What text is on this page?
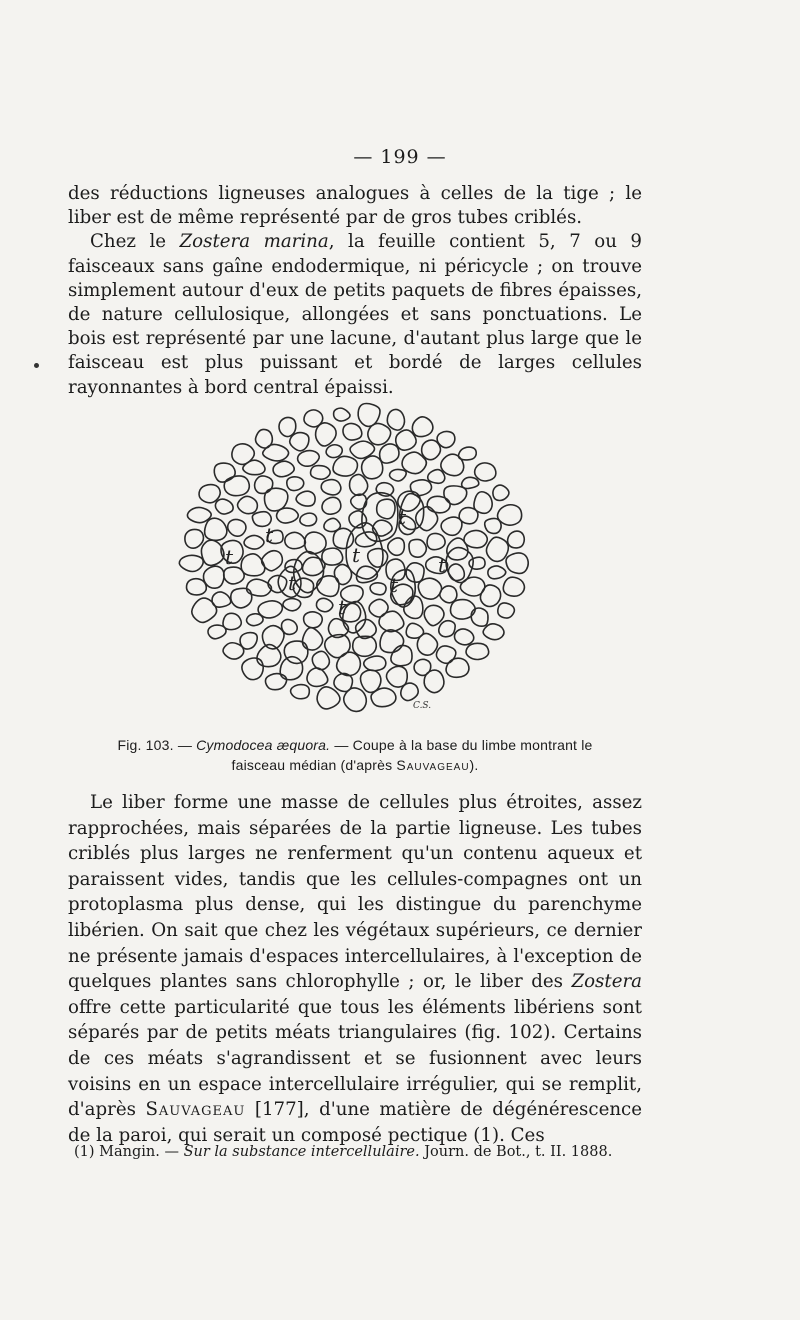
— 199 —

des réductions ligneuses analogues à celles de la tige ; le liber est de même représenté par de gros tubes criblés.

Chez le Zostera marina, la feuille contient 5, 7 ou 9 faisceaux sans gaîne endodermique, ni péricycle ; on trouve simplement autour d'eux de petits paquets de fibres épaisses, de nature cellulosique, allongées et sans ponctuations. Le bois est représenté par une lacune, d'autant plus large que le faisceau est plus puissant et bordé de larges cellules rayonnantes à bord central épaissi.

t
t
t
t
t
t
t
t
C.S.
Fig. 103. — Cymodocea æquora. — Coupe à la base du limbe montrant le
faisceau médian (d'après Sauvageau).

Le liber forme une masse de cellules plus étroites, assez rapprochées, mais séparées de la partie ligneuse. Les tubes criblés plus larges ne renferment qu'un contenu aqueux et paraissent vides, tandis que les cellules-compagnes ont un protoplasma plus dense, qui les distingue du parenchyme libérien. On sait que chez les végétaux supérieurs, ce dernier ne présente jamais d'espaces intercellulaires, à l'exception de quelques plantes sans chlorophylle ; or, le liber des Zostera offre cette particularité que tous les éléments libériens sont séparés par de petits méats triangulaires (fig. 102). Certains de ces méats s'agrandissent et se fusionnent avec leurs voisins en un espace intercellulaire irrégulier, qui se remplit, d'après Sauvageau [177], d'une matière de dégénérescence de la paroi, qui serait un composé pectique (1). Ces

(1) Mangin. — Sur la substance intercellulaire. Journ. de Bot., t. II. 1888.
